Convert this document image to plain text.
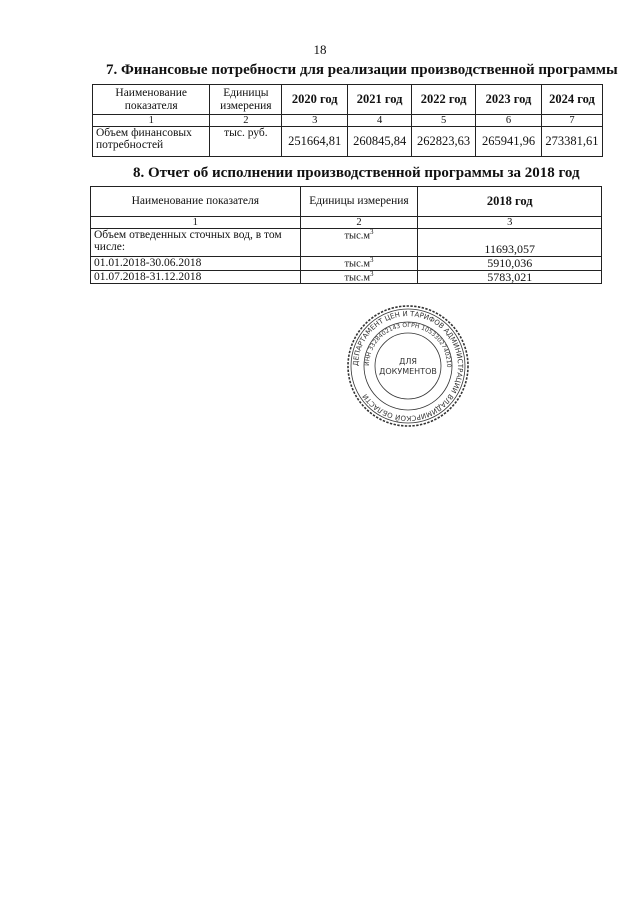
18
7. Финансовые потребности для реализации производственной программы
Наименование показателя	Единицы измерения	2020 год	2021 год	2022 год	2023 год	2024 год
1	2	3	4	5	6	7
Объем финансовых потребностей	тыс. руб.	251664,81	260845,84	262823,63	265941,96	273381,61
8. Отчет об исполнении производственной программы за 2018 год
Наименование показателя	Единицы измерения	2018 год
1	2	3
Объем отведенных сточных вод, в том числе:	$тыс.м^3$	11693,057
01.01.2018-30.06.2018	$тыс.м^3$	5910,036
01.07.2018-31.12.2018	$тыс.м^3$	5783,021
ДЕПАРТАМЕНТ ЦЕН И ТАРИФОВ АДМИНИСТРАЦИИ ВЛАДИМИРСКОЙ ОБЛАСТИ
ИНН 3328402143 ОГРН 1053302740210
ДЛЯ
ДОКУМЕНТОВ
